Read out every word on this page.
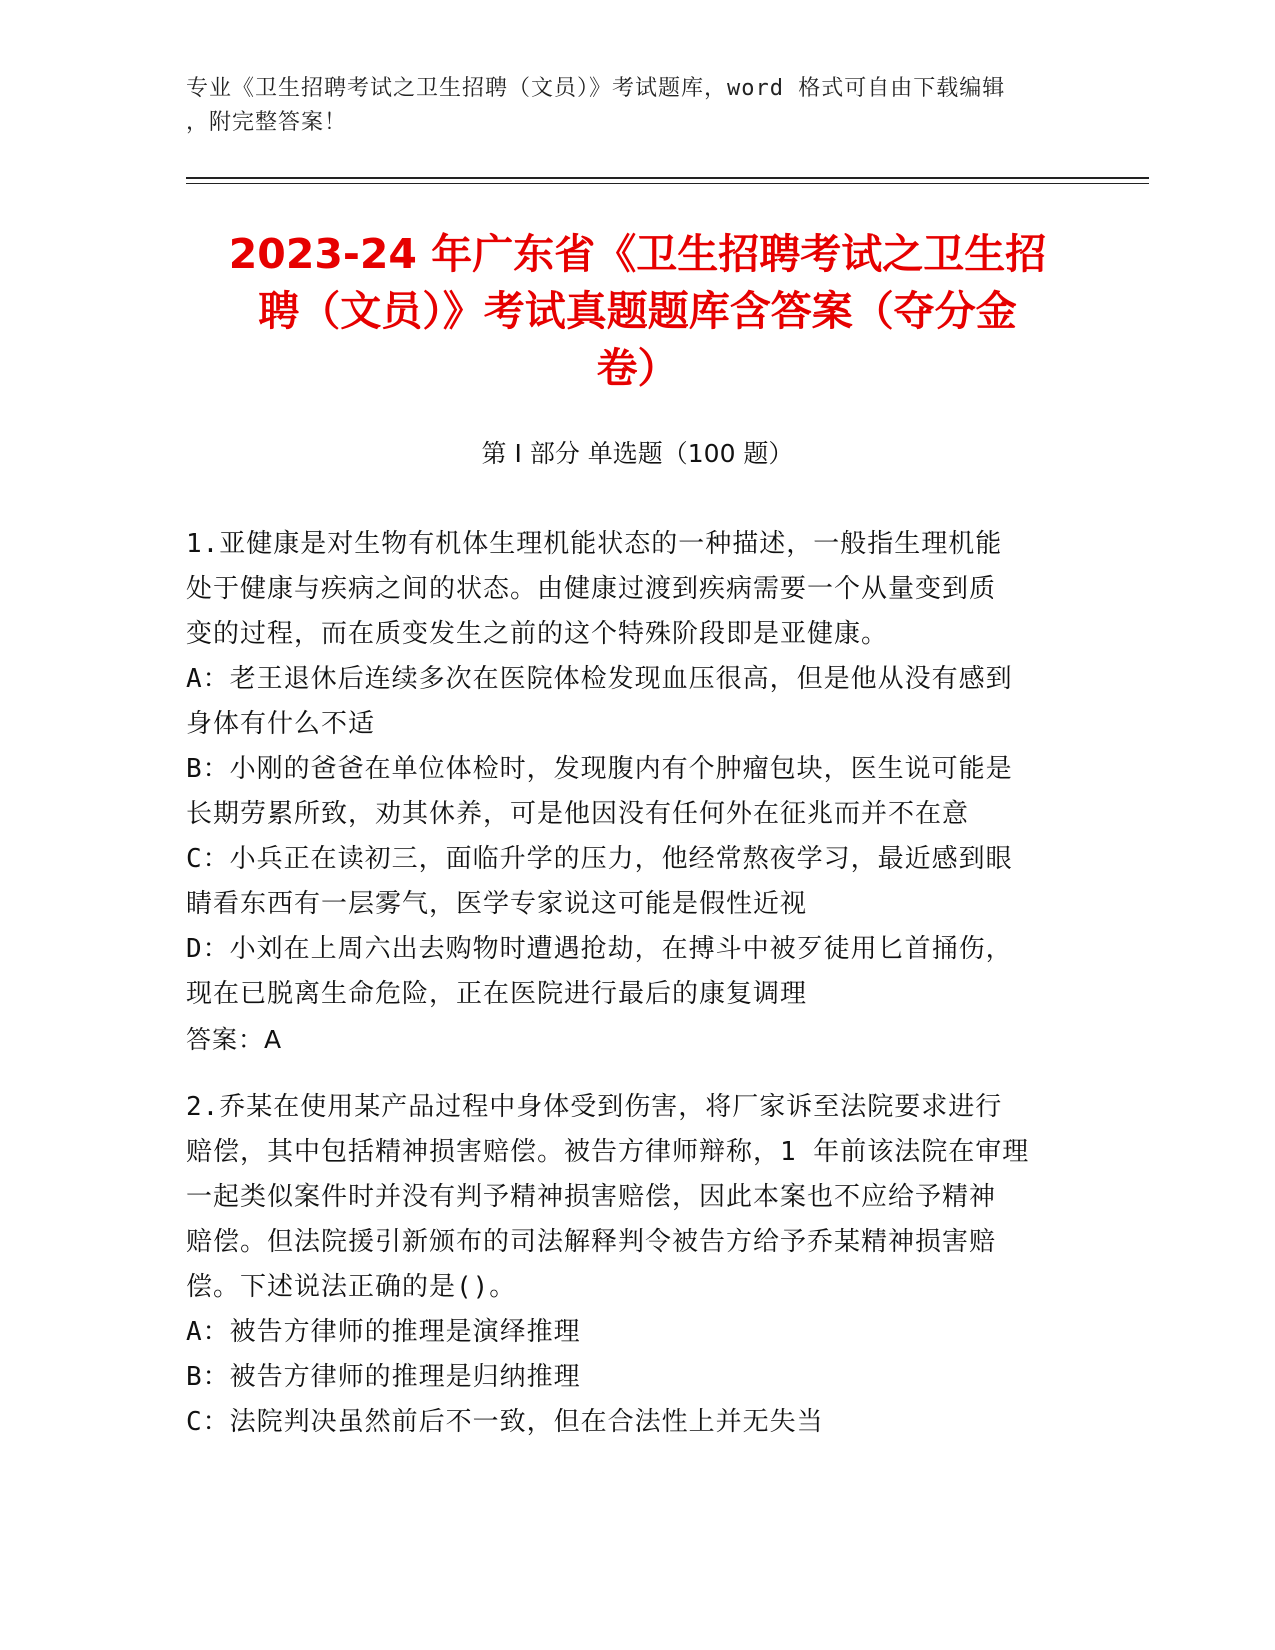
专业《卫生招聘考试之卫生招聘（文员）》考试题库，word 格式可自由下载编辑
，附完整答案！
2023-24 年广东省《卫生招聘考试之卫生招
聘（文员）》考试真题题库含答案（夺分金
卷）
第 I 部分 单选题（100 题）
1.亚健康是对生物有机体生理机能状态的一种描述，一般指生理机能
处于健康与疾病之间的状态。由健康过渡到疾病需要一个从量变到质
变的过程，而在质变发生之前的这个特殊阶段即是亚健康。
A：老王退休后连续多次在医院体检发现血压很高，但是他从没有感到
身体有什么不适
B：小刚的爸爸在单位体检时，发现腹内有个肿瘤包块，医生说可能是
长期劳累所致，劝其休养，可是他因没有任何外在征兆而并不在意
C：小兵正在读初三，面临升学的压力，他经常熬夜学习，最近感到眼
睛看东西有一层雾气，医学专家说这可能是假性近视
D：小刘在上周六出去购物时遭遇抢劫，在搏斗中被歹徒用匕首捅伤，
现在已脱离生命危险，正在医院进行最后的康复调理
答案：A
2.乔某在使用某产品过程中身体受到伤害，将厂家诉至法院要求进行
赔偿，其中包括精神损害赔偿。被告方律师辩称，1 年前该法院在审理
一起类似案件时并没有判予精神损害赔偿，因此本案也不应给予精神
赔偿。但法院援引新颁布的司法解释判令被告方给予乔某精神损害赔
偿。下述说法正确的是()。
A：被告方律师的推理是演绎推理
B：被告方律师的推理是归纳推理
C：法院判决虽然前后不一致，但在合法性上并无失当
